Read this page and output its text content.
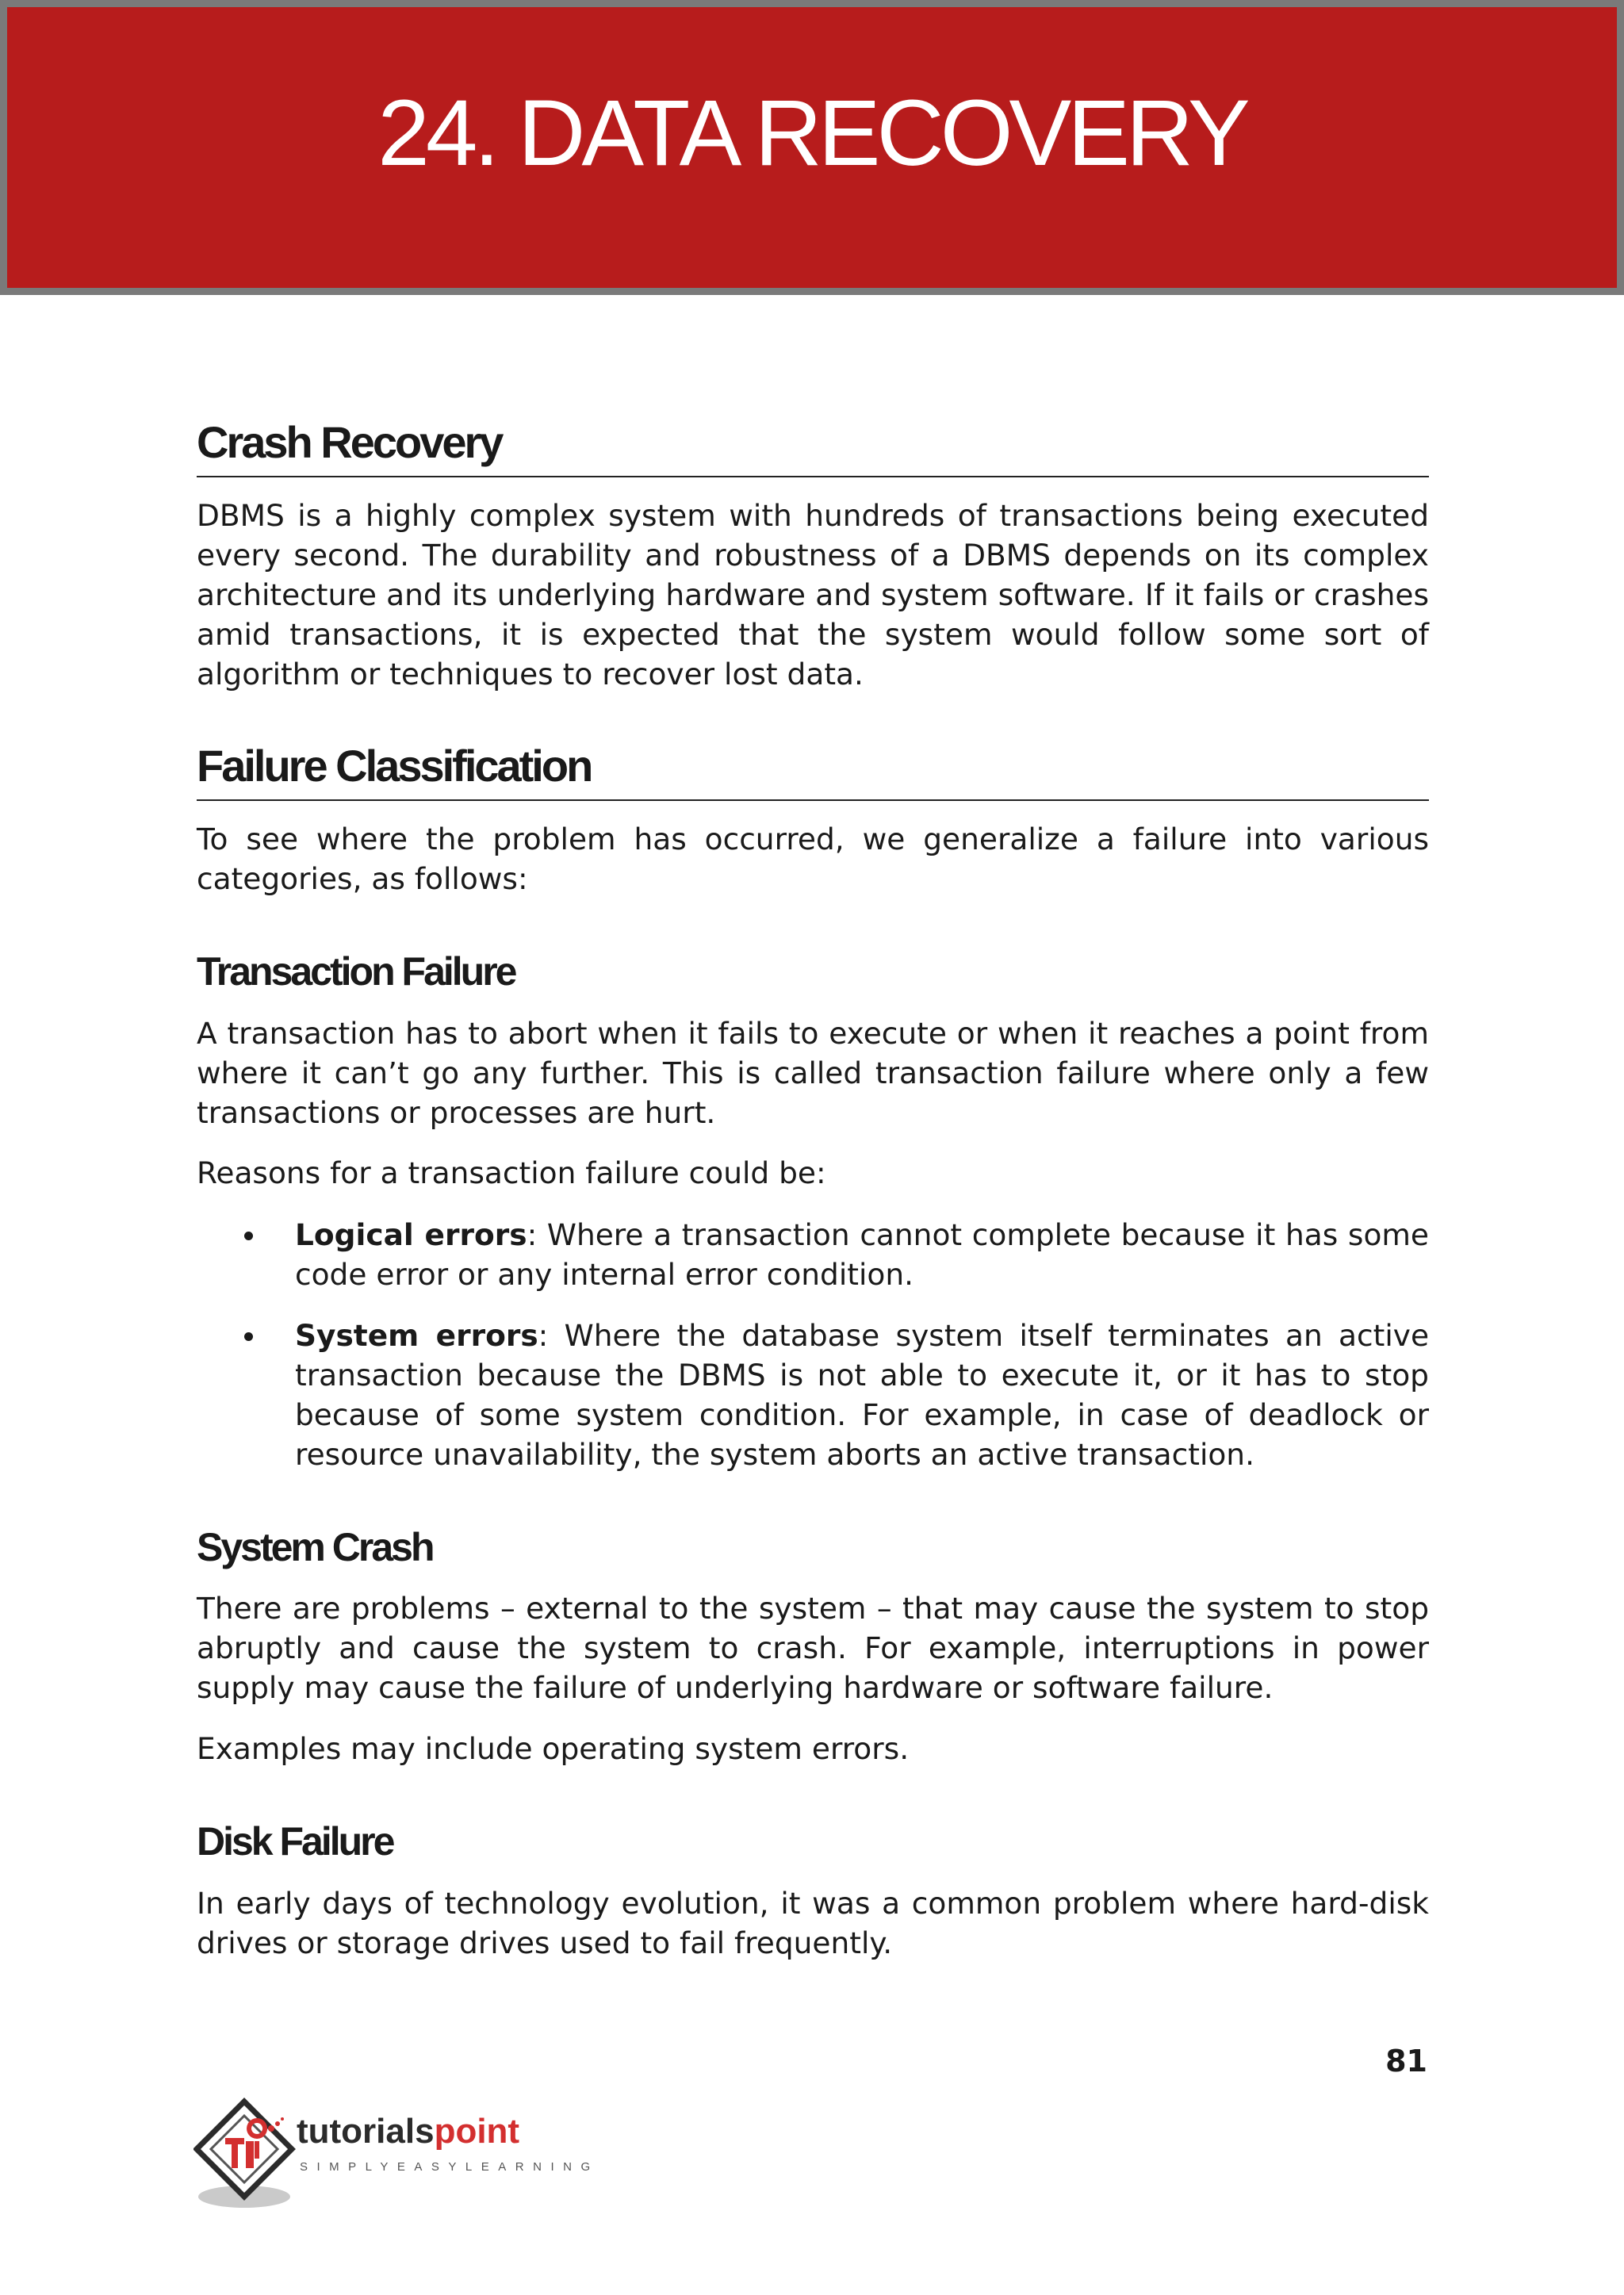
24. DATA RECOVERY
Crash Recovery

DBMS is a highly complex system with hundreds of transactions being executed every second. The durability and robustness of a DBMS depends on its complex architecture and its underlying hardware and system software. If it fails or crashes amid transactions, it is expected that the system would follow some sort of algorithm or techniques to recover lost data.

Failure Classification

To see where the problem has occurred, we generalize a failure into various categories, as follows:

Transaction Failure

A transaction has to abort when it fails to execute or when it reaches a point from where it can’t go any further. This is called transaction failure where only a few transactions or processes are hurt.

Reasons for a transaction failure could be:

Logical errors: Where a transaction cannot complete because it has some code error or any internal error condition.
System errors: Where the database system itself terminates an active transaction because the DBMS is not able to execute it, or it has to stop because of some system condition. For example, in case of deadlock or resource unavailability, the system aborts an active transaction.
System Crash

There are problems – external to the system – that may cause the system to stop abruptly and cause the system to crash. For example, interruptions in power supply may cause the failure of underlying hardware or software failure.

Examples may include operating system errors.

Disk Failure

In early days of technology evolution, it was a common problem where hard-disk drives or storage drives used to fail frequently.

81
tutorialspoint
SIMPLYEASYLEARNING
